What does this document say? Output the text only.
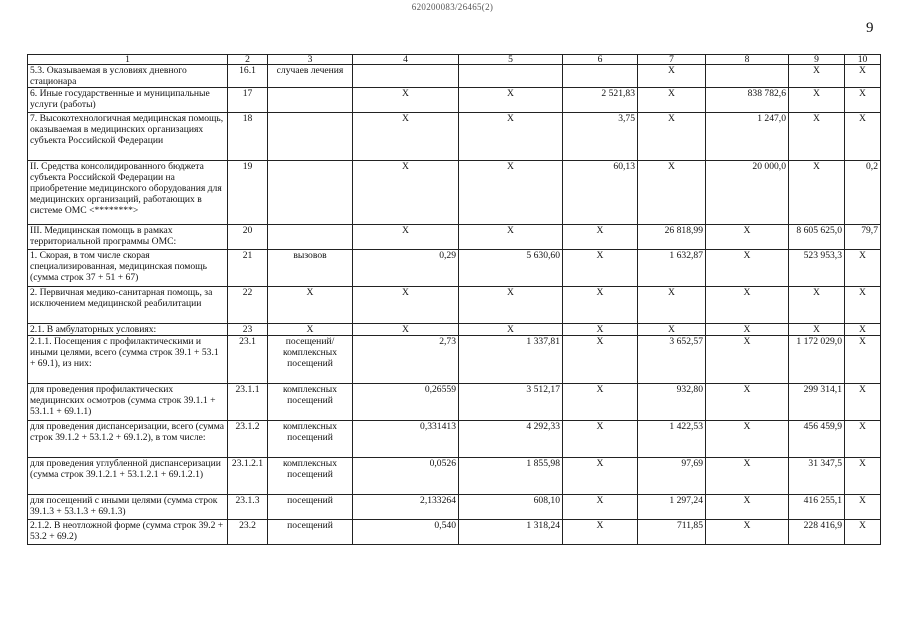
620200083/26465(2)
9
1	2	3	4	5	6	7	8	9	10
5.3. Оказываемая в условиях дневного стационара	16.1	случаев лечения				X		X	X
6. Иные государственные и муниципальные услуги (работы)	17		X	X	2 521,83	X	838 782,6	X	X
7. Высокотехнологичная медицинская помощь, оказываемая в медицинских организациях субъекта Российской Федерации	18		X	X	3,75	X	1 247,0	X	X
II. Средства консолидированного бюджета субъекта Российской Федерации на приобретение медицинского оборудования для медицинских организаций, работающих в системе ОМС <********>	19		X	X	60,13	X	20 000,0	X	0,2
III. Медицинская помощь в рамках территориальной программы ОМС:	20		X	X	X	26 818,99	X	8 605 625,0	79,7
1. Скорая, в том числе скорая специализированная, медицинская помощь (сумма строк 37 + 51 + 67)	21	вызовов	0,29	5 630,60	X	1 632,87	X	523 953,3	X
2. Первичная медико-санитарная помощь, за исключением медицинской реабилитации	22	X	X	X	X	X	X	X	X
2.1. В амбулаторных условиях:	23	X	X	X	X	X	X	X	X
2.1.1. Посещения с профилактическими и иными целями, всего (сумма строк 39.1 + 53.1 + 69.1), из них:	23.1	посещений/ комплексных посещений	2,73	1 337,81	X	3 652,57	X	1 172 029,0	X
для проведения профилактических медицинских осмотров (сумма строк 39.1.1 + 53.1.1 + 69.1.1)	23.1.1	комплексных посещений	0,26559	3 512,17	X	932,80	X	299 314,1	X
для проведения диспансеризации, всего (сумма строк 39.1.2 + 53.1.2 + 69.1.2), в том числе:	23.1.2	комплексных посещений	0,331413	4 292,33	X	1 422,53	X	456 459,9	X
для проведения углубленной диспансеризации (сумма строк 39.1.2.1 + 53.1.2.1 + 69.1.2.1)	23.1.2.1	комплексных посещений	0,0526	1 855,98	X	97,69	X	31 347,5	X
для посещений с иными целями (сумма строк 39.1.3 + 53.1.3 + 69.1.3)	23.1.3	посещений	2,133264	608,10	X	1 297,24	X	416 255,1	X
2.1.2. В неотложной форме (сумма строк 39.2 + 53.2 + 69.2)	23.2	посещений	0,540	1 318,24	X	711,85	X	228 416,9	X
